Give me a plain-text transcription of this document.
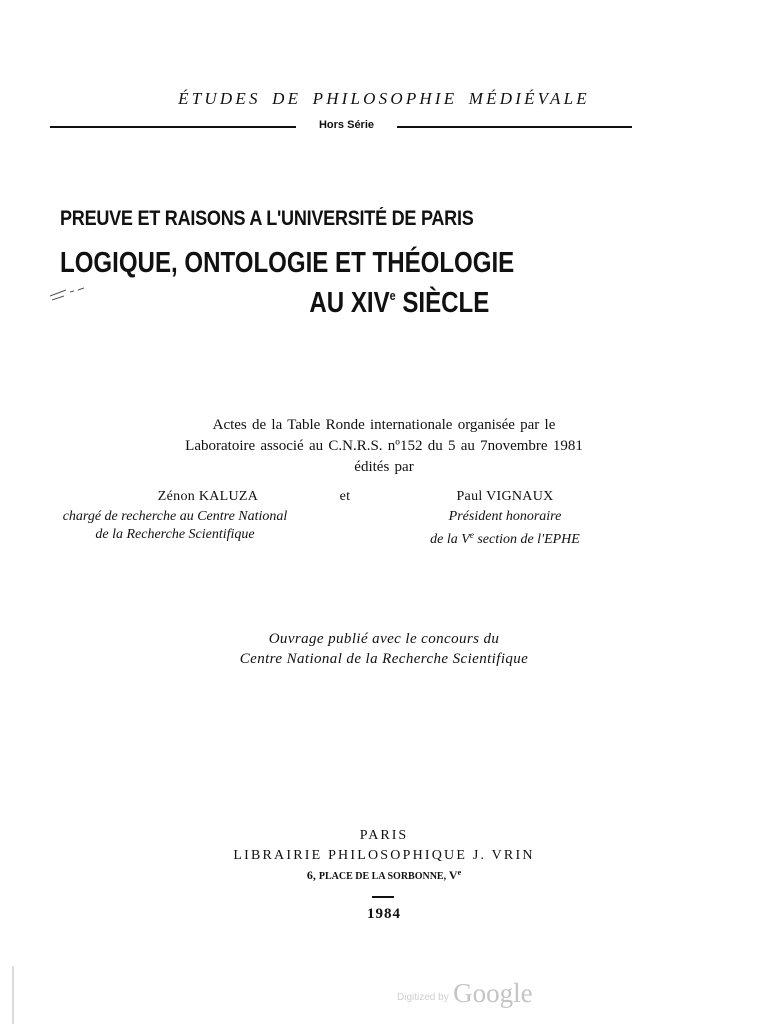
ÉTUDES DE PHILOSOPHIE MÉDIÉVALE
Hors Série
PREUVE ET RAISONS A L'UNIVERSITÉ DE PARIS
LOGIQUE, ONTOLOGIE ET THÉOLOGIE
AU XIVe SIÈCLE
Actes de la Table Ronde internationale organisée par le
Laboratoire associé au C.N.R.S. nº152 du 5 au 7novembre 1981
édités par
Zénon KALUZA	et	Paul VIGNAUX
chargé de recherche au Centre National
de la Recherche Scientifique
Président honoraire
de la Ve section de l'EPHE
Ouvrage publié avec le concours du
Centre National de la Recherche Scientifique
PARIS
LIBRAIRIE PHILOSOPHIQUE J. VRIN
6, PLACE DE LA SORBONNE, Ve
1984
Digitized by Google
